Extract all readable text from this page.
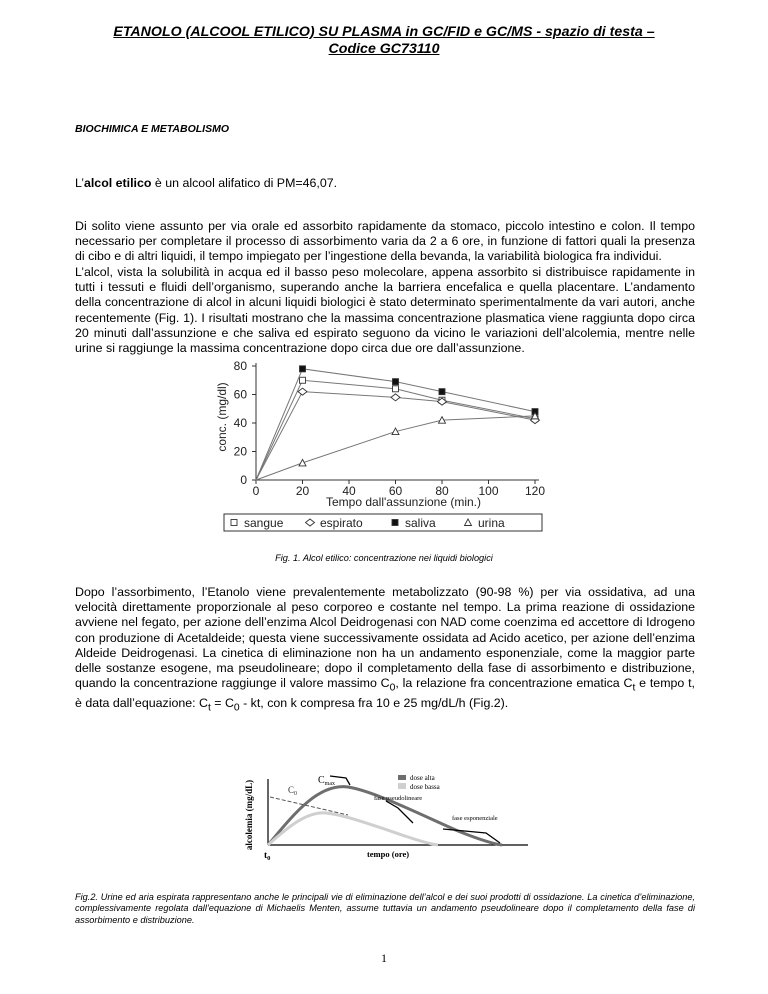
ETANOLO (ALCOOL ETILICO) SU PLASMA in GC/FID e GC/MS - spazio di testa –
Codice GC73110
BIOCHIMICA E METABOLISMO

L’alcol etilico è un alcool alifatico di PM=46,07.

Di solito viene assunto per via orale ed assorbito rapidamente da stomaco, piccolo intestino e colon. Il tempo necessario per completare il processo di assorbimento varia da 2 a 6 ore, in funzione di fattori quali la presenza di cibo e di altri liquidi, il tempo impiegato per l’ingestione della bevanda, la variabilità biologica fra individui.

L’alcol, vista la solubilità in acqua ed il basso peso molecolare, appena assorbito si distribuisce rapidamente in tutti i tessuti e fluidi dell’organismo, superando anche la barriera encefalica e quella placentare. L’andamento della concentrazione di alcol in alcuni liquidi biologici è stato determinato sperimentalmente da vari autori, anche recentemente (Fig. 1). I risultati mostrano che la massima concentrazione plasmatica viene raggiunta dopo circa 20 minuti dall’assunzione e che saliva ed espirato seguono da vicino le variazioni dell’alcolemia, mentre nelle urine si raggiunge la massima concentrazione dopo circa due ore dall’assunzione.

0
20
40
60
80
0	20	40	60	80 100 120
Tempo dall'assunzione (min.)
conc. (mg/dl)
sangue	espirato	saliva	urina
Fig. 1. Alcol etilico: concentrazione nei liquidi biologici

Dopo l’assorbimento, l’Etanolo viene prevalentemente metabolizzato (90-98 %) per via ossidativa, ad una velocità direttamente proporzionale al peso corporeo e costante nel tempo. La prima reazione di ossidazione avviene nel fegato, per azione dell’enzima Alcol Deidrogenasi con NAD come coenzima ed accettore di Idrogeno con produzione di Acetaldeide; questa viene successivamente ossidata ad Acido acetico, per azione dell’enzima Aldeide Deidrogenasi. La cinetica di eliminazione non ha un andamento esponenziale, come la maggior parte delle sostanze esogene, ma pseudolineare; dopo il completamento della fase di assorbimento e distribuzione, quando la concentrazione raggiunge il valore massimo $C_0$, la relazione fra concentrazione ematica $C_t$ e tempo t, è data dall’equazione: $C_t = C_0$ - kt, con k compresa fra 10 e 25 mg/dL/h (Fig.2).

alcolemia (mg/dL)	$C_{max}$
$C_0$
fase pseudolineare
fase esponenziale
dose alta
dose bassa
$t_0$	tempo (ore)

Fig.2. Urine ed aria espirata rappresentano anche le principali vie di eliminazione dell’alcol e dei suoi prodotti di ossidazione. La cinetica d’eliminazione, complessivamente regolata dall’equazione di Michaelis Menten, assume tuttavia un andamento pseudolineare dopo il completamento della fase di assorbimento e distribuzione.

1
